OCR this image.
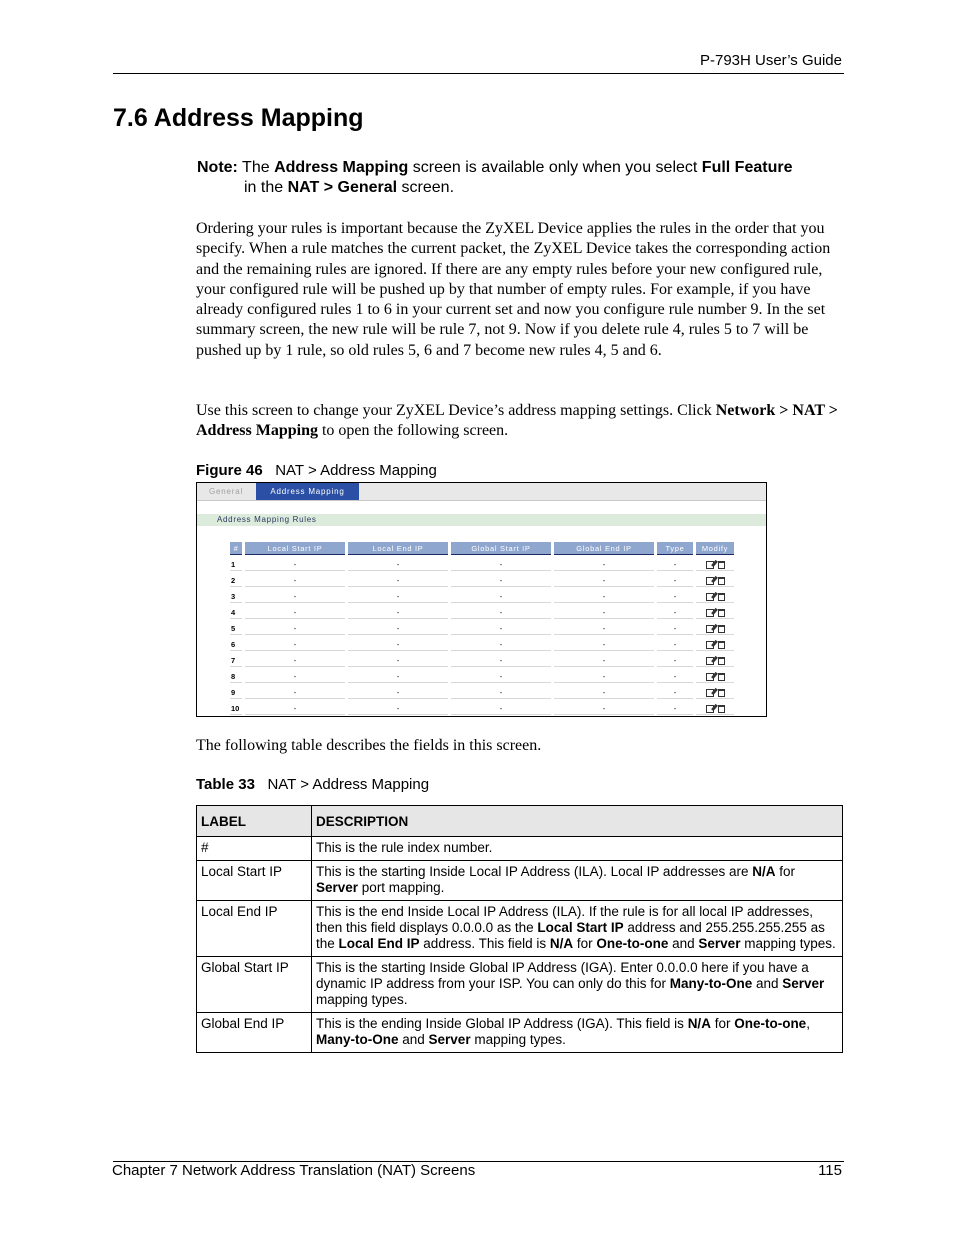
P-793H User’s Guide
7.6 Address Mapping
Note: The Address Mapping screen is available only when you select Full Feature
in the NAT > General screen.
Ordering your rules is important because the ZyXEL Device applies the rules in the order that you specify. When a rule matches the current packet, the ZyXEL Device takes the corresponding action and the remaining rules are ignored. If there are any empty rules before your new configured rule, your configured rule will be pushed up by that number of empty rules. For example, if you have already configured rules 1 to 6 in your current set and now you configure rule number 9. In the set summary screen, the new rule will be rule 7, not 9. Now if you delete rule 4, rules 5 to 7 will be pushed up by 1 rule, so old rules 5, 6 and 7 become new rules 4, 5 and 6.
Use this screen to change your ZyXEL Device’s address mapping settings. Click Network > NAT > Address Mapping to open the following screen.
Figure 46 NAT > Address Mapping
General	Address Mapping
Address Mapping Rules
#	Local Start IP	Local End IP	Global Start IP	Global End IP	Type	Modify
1	-	-	-	-	-	
2	-	-	-	-	-	
3	-	-	-	-	-	
4	-	-	-	-	-	
5	-	-	-	-	-	
6	-	-	-	-	-	
7	-	-	-	-	-	
8	-	-	-	-	-	
9	-	-	-	-	-	
10	-	-	-	-	-	
The following table describes the fields in this screen.
Table 33 NAT > Address Mapping
LABEL	DESCRIPTION
#	This is the rule index number.
Local Start IP	This is the starting Inside Local IP Address (ILA). Local IP addresses are N/A for Server port mapping.
Local End IP	This is the end Inside Local IP Address (ILA). If the rule is for all local IP addresses, then this field displays 0.0.0.0 as the Local Start IP address and 255.255.255.255 as the Local End IP address. This field is N/A for One-to-one and Server mapping types.
Global Start IP	This is the starting Inside Global IP Address (IGA). Enter 0.0.0.0 here if you have a dynamic IP address from your ISP. You can only do this for Many-to-One and Server mapping types.
Global End IP	This is the ending Inside Global IP Address (IGA). This field is N/A for One-to-one, Many-to-One and Server mapping types.
Chapter 7 Network Address Translation (NAT) Screens	115
